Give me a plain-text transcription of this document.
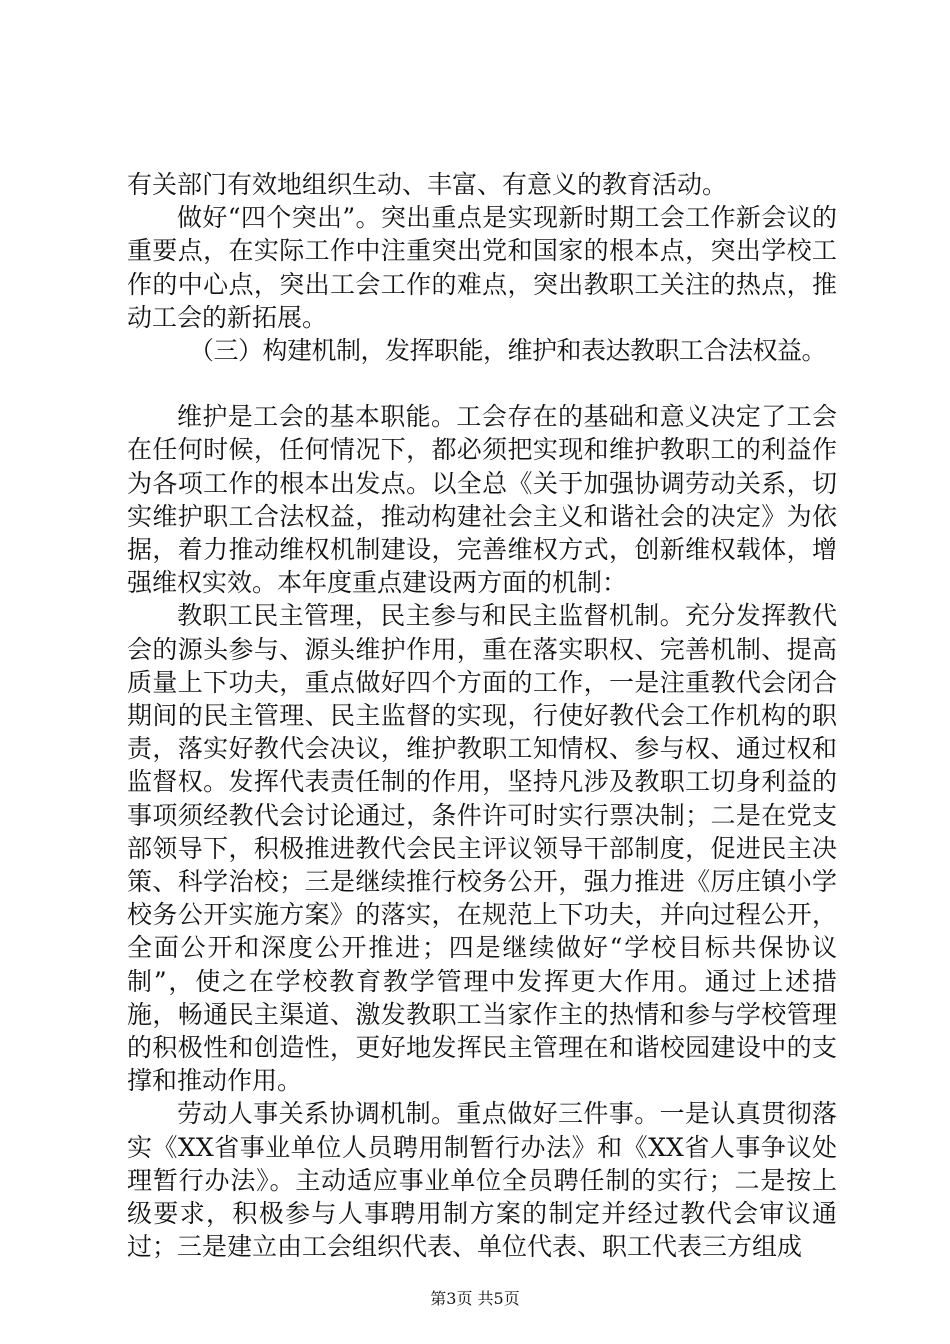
有关部门有效地组织生动、丰富、有意义的教育活动。

做好“四个突出”。突出重点是实现新时期工会工作新会议的重要点，在实际工作中注重突出党和国家的根本点，突出学校工作的中心点，突出工会工作的难点，突出教职工关注的热点，推动工会的新拓展。

（三）构建机制，发挥职能，维护和表达教职工合法权益。

维护是工会的基本职能。工会存在的基础和意义决定了工会在任何时候，任何情况下，都必须把实现和维护教职工的利益作为各项工作的根本出发点。以全总《关于加强协调劳动关系，切实维护职工合法权益，推动构建社会主义和谐社会的决定》为依据，着力推动维权机制建设，完善维权方式，创新维权载体，增强维权实效。本年度重点建设两方面的机制：

教职工民主管理，民主参与和民主监督机制。充分发挥教代会的源头参与、源头维护作用，重在落实职权、完善机制、提高质量上下功夫，重点做好四个方面的工作，一是注重教代会闭合期间的民主管理、民主监督的实现，行使好教代会工作机构的职责，落实好教代会决议，维护教职工知情权、参与权、通过权和监督权。发挥代表责任制的作用，坚持凡涉及教职工切身利益的事项须经教代会讨论通过，条件许可时实行票决制；二是在党支部领导下，积极推进教代会民主评议领导干部制度，促进民主决策、科学治校；三是继续推行校务公开，强力推进《厉庄镇小学校务公开实施方案》的落实，在规范上下功夫，并向过程公开，全面公开和深度公开推进；四是继续做好“学校目标共保协议制”，使之在学校教育教学管理中发挥更大作用。通过上述措施，畅通民主渠道、激发教职工当家作主的热情和参与学校管理的积极性和创造性，更好地发挥民主管理在和谐校园建设中的支撑和推动作用。

劳动人事关系协调机制。重点做好三件事。一是认真贯彻落实《XX省事业单位人员聘用制暂行办法》和《XX省人事争议处理暂行办法》。主动适应事业单位全员聘任制的实行；二是按上级要求，积极参与人事聘用制方案的制定并经过教代会审议通过；三是建立由工会组织代表、单位代表、职工代表三方组成

第3页 共5页
